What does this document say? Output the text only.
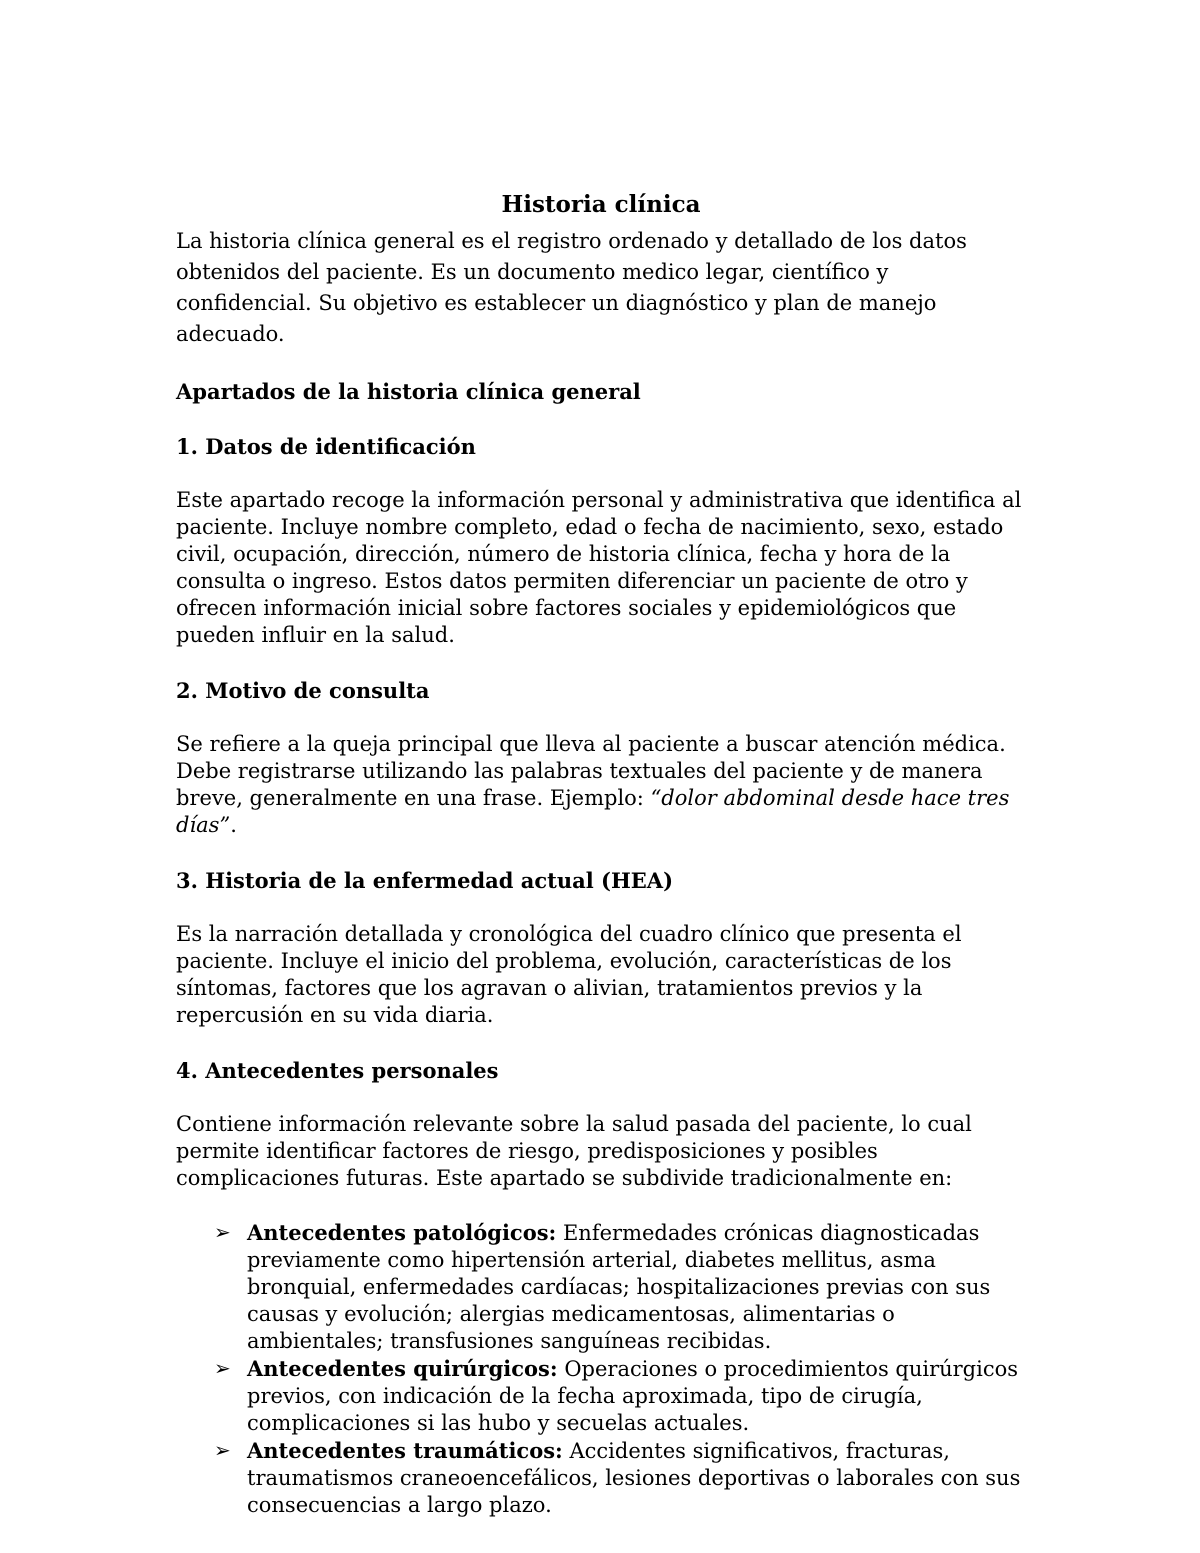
Historia clínica

La historia clínica general es el registro ordenado y detallado de los datos obtenidos del paciente. Es un documento medico legar, científico y confidencial. Su objetivo es establecer un diagnóstico y plan de manejo adecuado.

Apartados de la historia clínica general

1. Datos de identificación

Este apartado recoge la información personal y administrativa que identifica al paciente. Incluye nombre completo, edad o fecha de nacimiento, sexo, estado civil, ocupación, dirección, número de historia clínica, fecha y hora de la consulta o ingreso. Estos datos permiten diferenciar un paciente de otro y ofrecen información inicial sobre factores sociales y epidemiológicos que pueden influir en la salud.

2. Motivo de consulta

Se refiere a la queja principal que lleva al paciente a buscar atención médica. Debe registrarse utilizando las palabras textuales del paciente y de manera breve, generalmente en una frase. Ejemplo: “dolor abdominal desde hace tres días”.

3. Historia de la enfermedad actual (HEA)

Es la narración detallada y cronológica del cuadro clínico que presenta el paciente. Incluye el inicio del problema, evolución, características de los síntomas, factores que los agravan o alivian, tratamientos previos y la repercusión en su vida diaria.

4. Antecedentes personales

Contiene información relevante sobre la salud pasada del paciente, lo cual permite identificar factores de riesgo, predisposiciones y posibles complicaciones futuras. Este apartado se subdivide tradicionalmente en:

➢ Antecedentes patológicos: Enfermedades crónicas diagnosticadas previamente como hipertensión arterial, diabetes mellitus, asma bronquial, enfermedades cardíacas; hospitalizaciones previas con sus causas y evolución; alergias medicamentosas, alimentarias o ambientales; transfusiones sanguíneas recibidas.
➢ Antecedentes quirúrgicos: Operaciones o procedimientos quirúrgicos previos, con indicación de la fecha aproximada, tipo de cirugía, complicaciones si las hubo y secuelas actuales.
➢ Antecedentes traumáticos: Accidentes significativos, fracturas, traumatismos craneoencefálicos, lesiones deportivas o laborales con sus consecuencias a largo plazo.
